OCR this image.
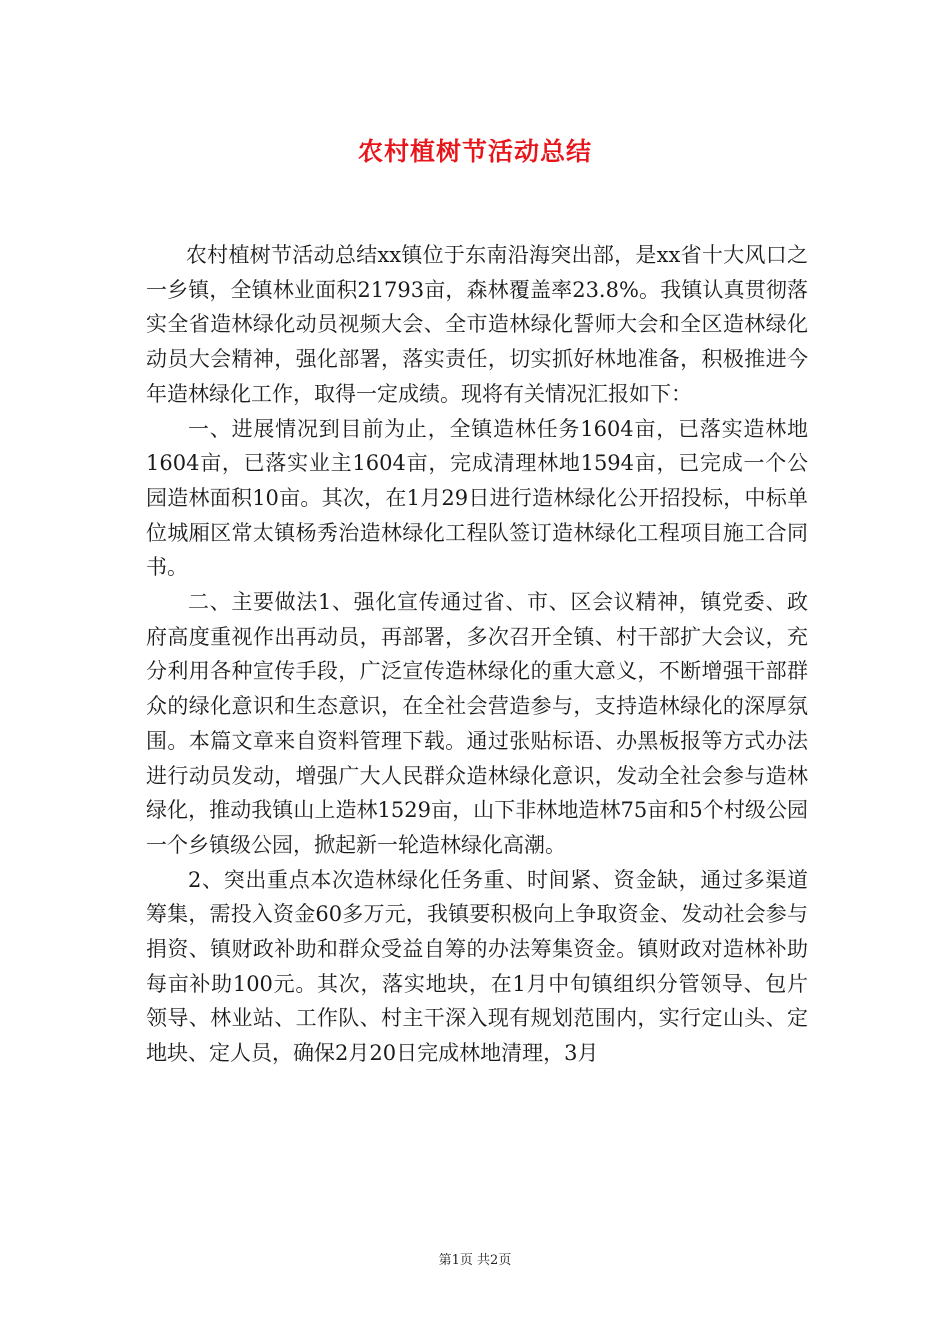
农村植树节活动总结

农村植树节活动总结xx镇位于东南沿海突出部，是xx省十大风口之一乡镇，全镇林业面积21793亩，森林覆盖率23.8%。我镇认真贯彻落实全省造林绿化动员视频大会、全市造林绿化誓师大会和全区造林绿化动员大会精神，强化部署，落实责任，切实抓好林地准备，积极推进今年造林绿化工作，取得一定成绩。现将有关情况汇报如下：

一、进展情况到目前为止，全镇造林任务1604亩，已落实造林地1604亩，已落实业主1604亩，完成清理林地1594亩，已完成一个公园造林面积10亩。其次，在1月29日进行造林绿化公开招投标，中标单位城厢区常太镇杨秀治造林绿化工程队签订造林绿化工程项目施工合同书。

二、主要做法1、强化宣传通过省、市、区会议精神，镇党委、政府高度重视作出再动员，再部署，多次召开全镇、村干部扩大会议，充分利用各种宣传手段，广泛宣传造林绿化的重大意义，不断增强干部群众的绿化意识和生态意识，在全社会营造参与，支持造林绿化的深厚氛围。本篇文章来自资料管理下载。通过张贴标语、办黑板报等方式办法进行动员发动，增强广大人民群众造林绿化意识，发动全社会参与造林绿化，推动我镇山上造林1529亩，山下非林地造林75亩和5个村级公园一个乡镇级公园，掀起新一轮造林绿化高潮。

2、突出重点本次造林绿化任务重、时间紧、资金缺，通过多渠道筹集，需投入资金60多万元，我镇要积极向上争取资金、发动社会参与捐资、镇财政补助和群众受益自筹的办法筹集资金。镇财政对造林补助每亩补助100元。其次，落实地块，在1月中旬镇组织分管领导、包片领导、林业站、工作队、村主干深入现有规划范围内，实行定山头、定地块、定人员，确保2月20日完成林地清理，3月

第1页 共2页
